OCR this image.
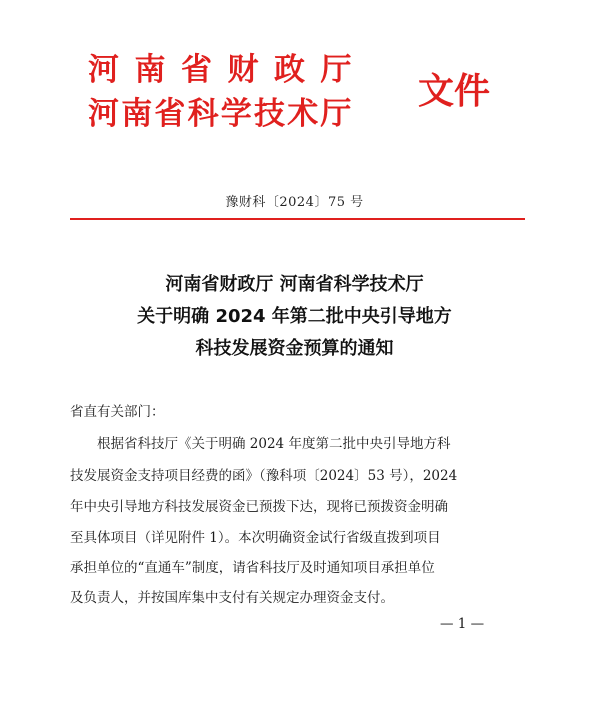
河南省财政厅
河南省科学技术厅
文件
豫财科〔2024〕75 号
河南省财政厅 河南省科学技术厅
关于明确 2024 年第二批中央引导地方
科技发展资金预算的通知
省直有关部门：
根据省科技厅《关于明确 2024 年度第二批中央引导地方科
技发展资金支持项目经费的函》（豫科项〔2024〕53 号），2024
年中央引导地方科技发展资金已预拨下达，现将已预拨资金明确
至具体项目（详见附件 1）。本次明确资金试行省级直拨到项目
承担单位的“直通车”制度，请省科技厅及时通知项目承担单位
及负责人，并按国库集中支付有关规定办理资金支付。
— 1 —
